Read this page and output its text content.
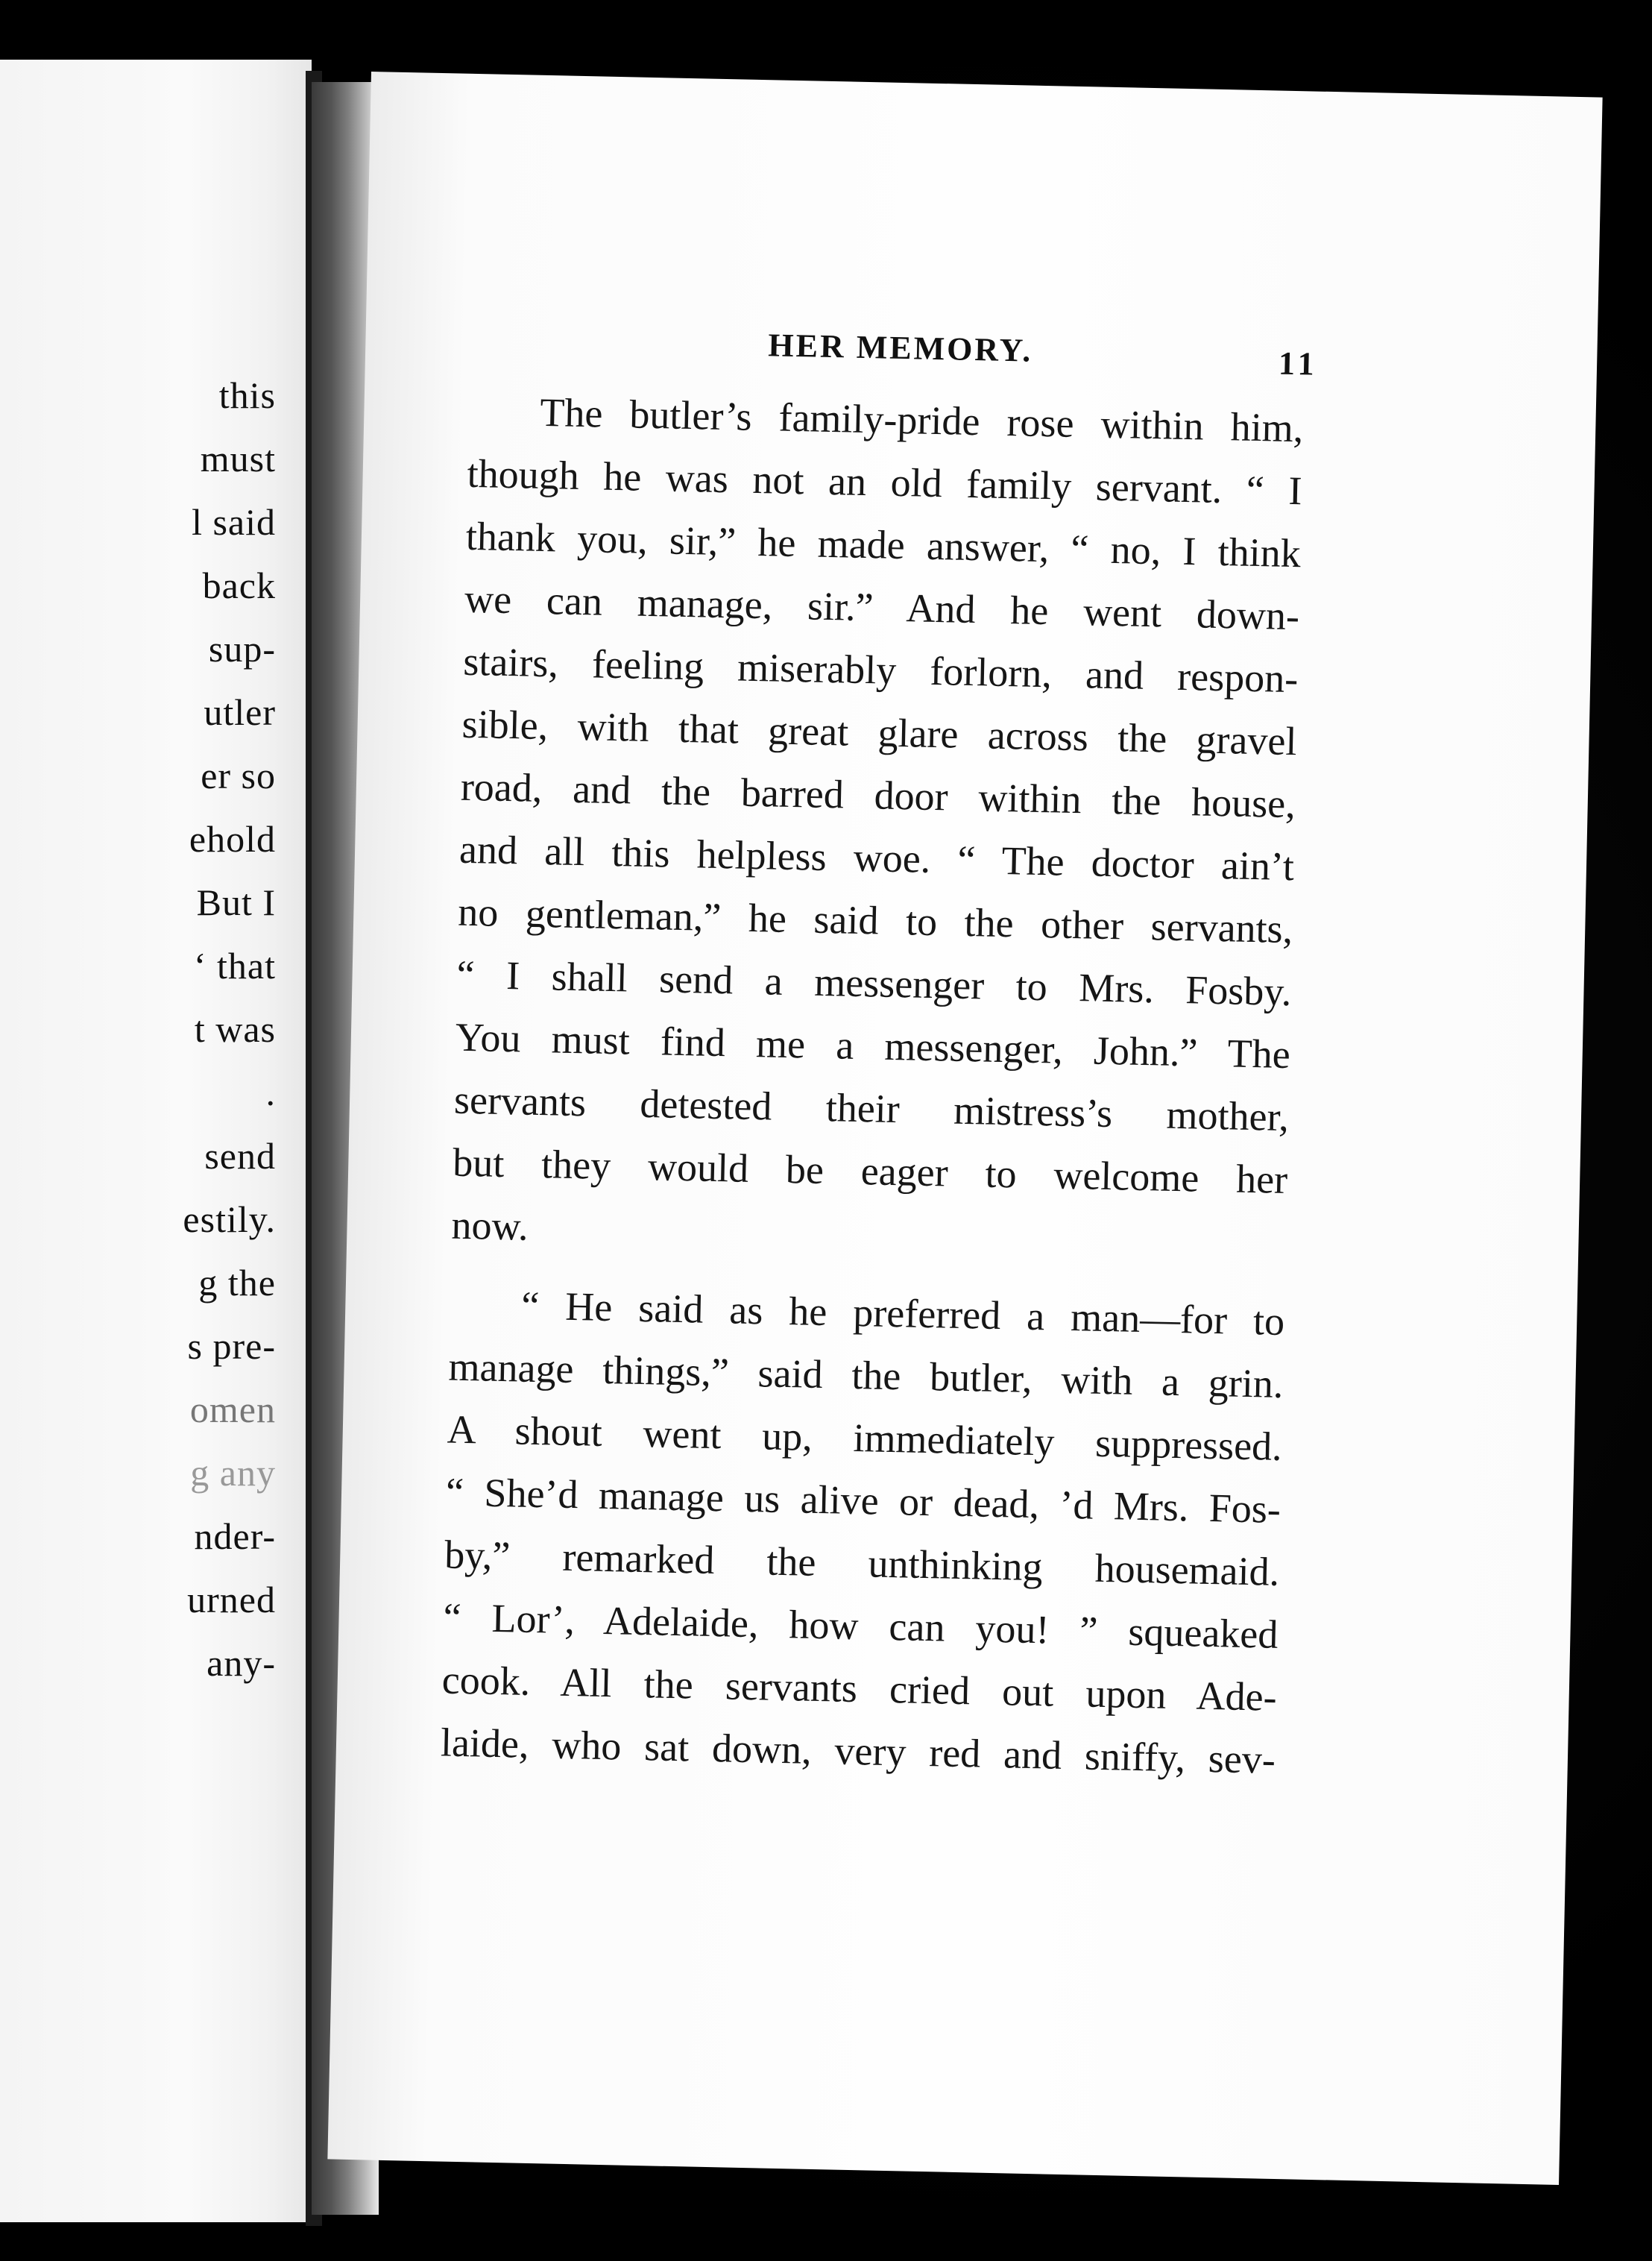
this
must
l said
back
sup-
utler
er so
ehold
But I
‘ that
t was
.
send
estily.
g the
s pre-
omen
g any
nder-
urned
any-
HER MEMORY.	11
The butler’s family-pride rose within him,
though he was not an old family servant. “ I
thank you, sir,” he made answer, “ no, I think
we can manage, sir.” And he went down-
stairs, feeling miserably forlorn, and respon-
sible, with that great glare across the gravel
road, and the barred door within the house,
and all this helpless woe. “ The doctor ain’t
no gentleman,” he said to the other servants,
“ I shall send a messenger to Mrs. Fosby.
You must find me a messenger, John.” The
servants detested their mistress’s mother,
but they would be eager to welcome her
now.
“ He said as he preferred a man—for to
manage things,” said the butler, with a grin.
A shout went up, immediately suppressed.
“ She’d manage us alive or dead, ’d Mrs. Fos-
by,” remarked the unthinking housemaid.
“ Lor’, Adelaide, how can you! ” squeaked
cook. All the servants cried out upon Ade-
laide, who sat down, very red and sniffy, sev-
